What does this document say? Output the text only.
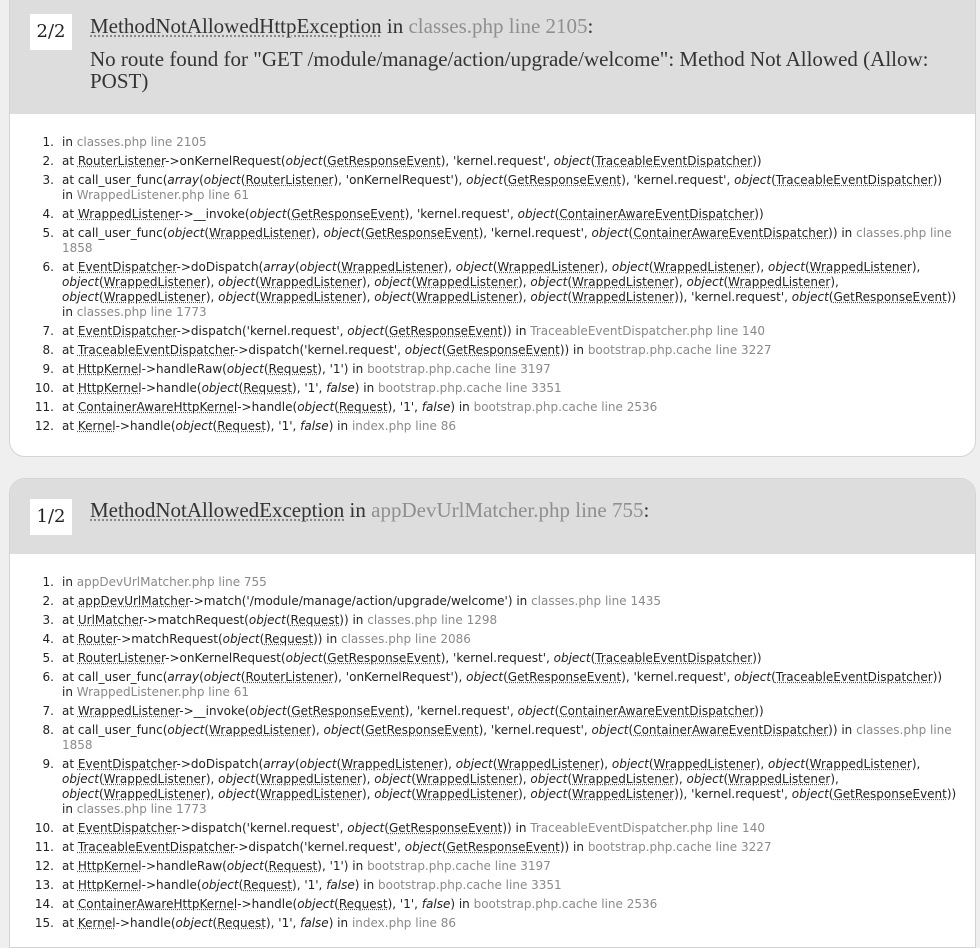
2/2	MethodNotAllowedHttpException in classes.php line 2105:
No route found for "GET /module/manage/action/upgrade/welcome": Method Not Allowed (Allow: POST)
1. in classes.php line 2105
2. at RouterListener->onKernelRequest(object(GetResponseEvent), 'kernel.request', object(TraceableEventDispatcher))
3. at call_user_func(array(object(RouterListener), 'onKernelRequest'), object(GetResponseEvent), 'kernel.request', object(TraceableEventDispatcher))
in WrappedListener.php line 61
4. at WrappedListener->__invoke(object(GetResponseEvent), 'kernel.request', object(ContainerAwareEventDispatcher))
5. at call_user_func(object(WrappedListener), object(GetResponseEvent), 'kernel.request', object(ContainerAwareEventDispatcher)) in classes.php line
1858
6. at EventDispatcher->doDispatch(array(object(WrappedListener), object(WrappedListener), object(WrappedListener), object(WrappedListener),
object(WrappedListener), object(WrappedListener), object(WrappedListener), object(WrappedListener), object(WrappedListener),
object(WrappedListener), object(WrappedListener), object(WrappedListener), object(WrappedListener)), 'kernel.request', object(GetResponseEvent))
in classes.php line 1773
7. at EventDispatcher->dispatch('kernel.request', object(GetResponseEvent)) in TraceableEventDispatcher.php line 140
8. at TraceableEventDispatcher->dispatch('kernel.request', object(GetResponseEvent)) in bootstrap.php.cache line 3227
9. at HttpKernel->handleRaw(object(Request), '1') in bootstrap.php.cache line 3197
10. at HttpKernel->handle(object(Request), '1', false) in bootstrap.php.cache line 3351
11. at ContainerAwareHttpKernel->handle(object(Request), '1', false) in bootstrap.php.cache line 2536
12. at Kernel->handle(object(Request), '1', false) in index.php line 86
1/2	MethodNotAllowedException in appDevUrlMatcher.php line 755:
1. in appDevUrlMatcher.php line 755
2. at appDevUrlMatcher->match('/module/manage/action/upgrade/welcome') in classes.php line 1435
3. at UrlMatcher->matchRequest(object(Request)) in classes.php line 1298
4. at Router->matchRequest(object(Request)) in classes.php line 2086
5. at RouterListener->onKernelRequest(object(GetResponseEvent), 'kernel.request', object(TraceableEventDispatcher))
6. at call_user_func(array(object(RouterListener), 'onKernelRequest'), object(GetResponseEvent), 'kernel.request', object(TraceableEventDispatcher))
in WrappedListener.php line 61
7. at WrappedListener->__invoke(object(GetResponseEvent), 'kernel.request', object(ContainerAwareEventDispatcher))
8. at call_user_func(object(WrappedListener), object(GetResponseEvent), 'kernel.request', object(ContainerAwareEventDispatcher)) in classes.php line
1858
9. at EventDispatcher->doDispatch(array(object(WrappedListener), object(WrappedListener), object(WrappedListener), object(WrappedListener),
object(WrappedListener), object(WrappedListener), object(WrappedListener), object(WrappedListener), object(WrappedListener),
object(WrappedListener), object(WrappedListener), object(WrappedListener), object(WrappedListener)), 'kernel.request', object(GetResponseEvent))
in classes.php line 1773
10. at EventDispatcher->dispatch('kernel.request', object(GetResponseEvent)) in TraceableEventDispatcher.php line 140
11. at TraceableEventDispatcher->dispatch('kernel.request', object(GetResponseEvent)) in bootstrap.php.cache line 3227
12. at HttpKernel->handleRaw(object(Request), '1') in bootstrap.php.cache line 3197
13. at HttpKernel->handle(object(Request), '1', false) in bootstrap.php.cache line 3351
14. at ContainerAwareHttpKernel->handle(object(Request), '1', false) in bootstrap.php.cache line 2536
15. at Kernel->handle(object(Request), '1', false) in index.php line 86
